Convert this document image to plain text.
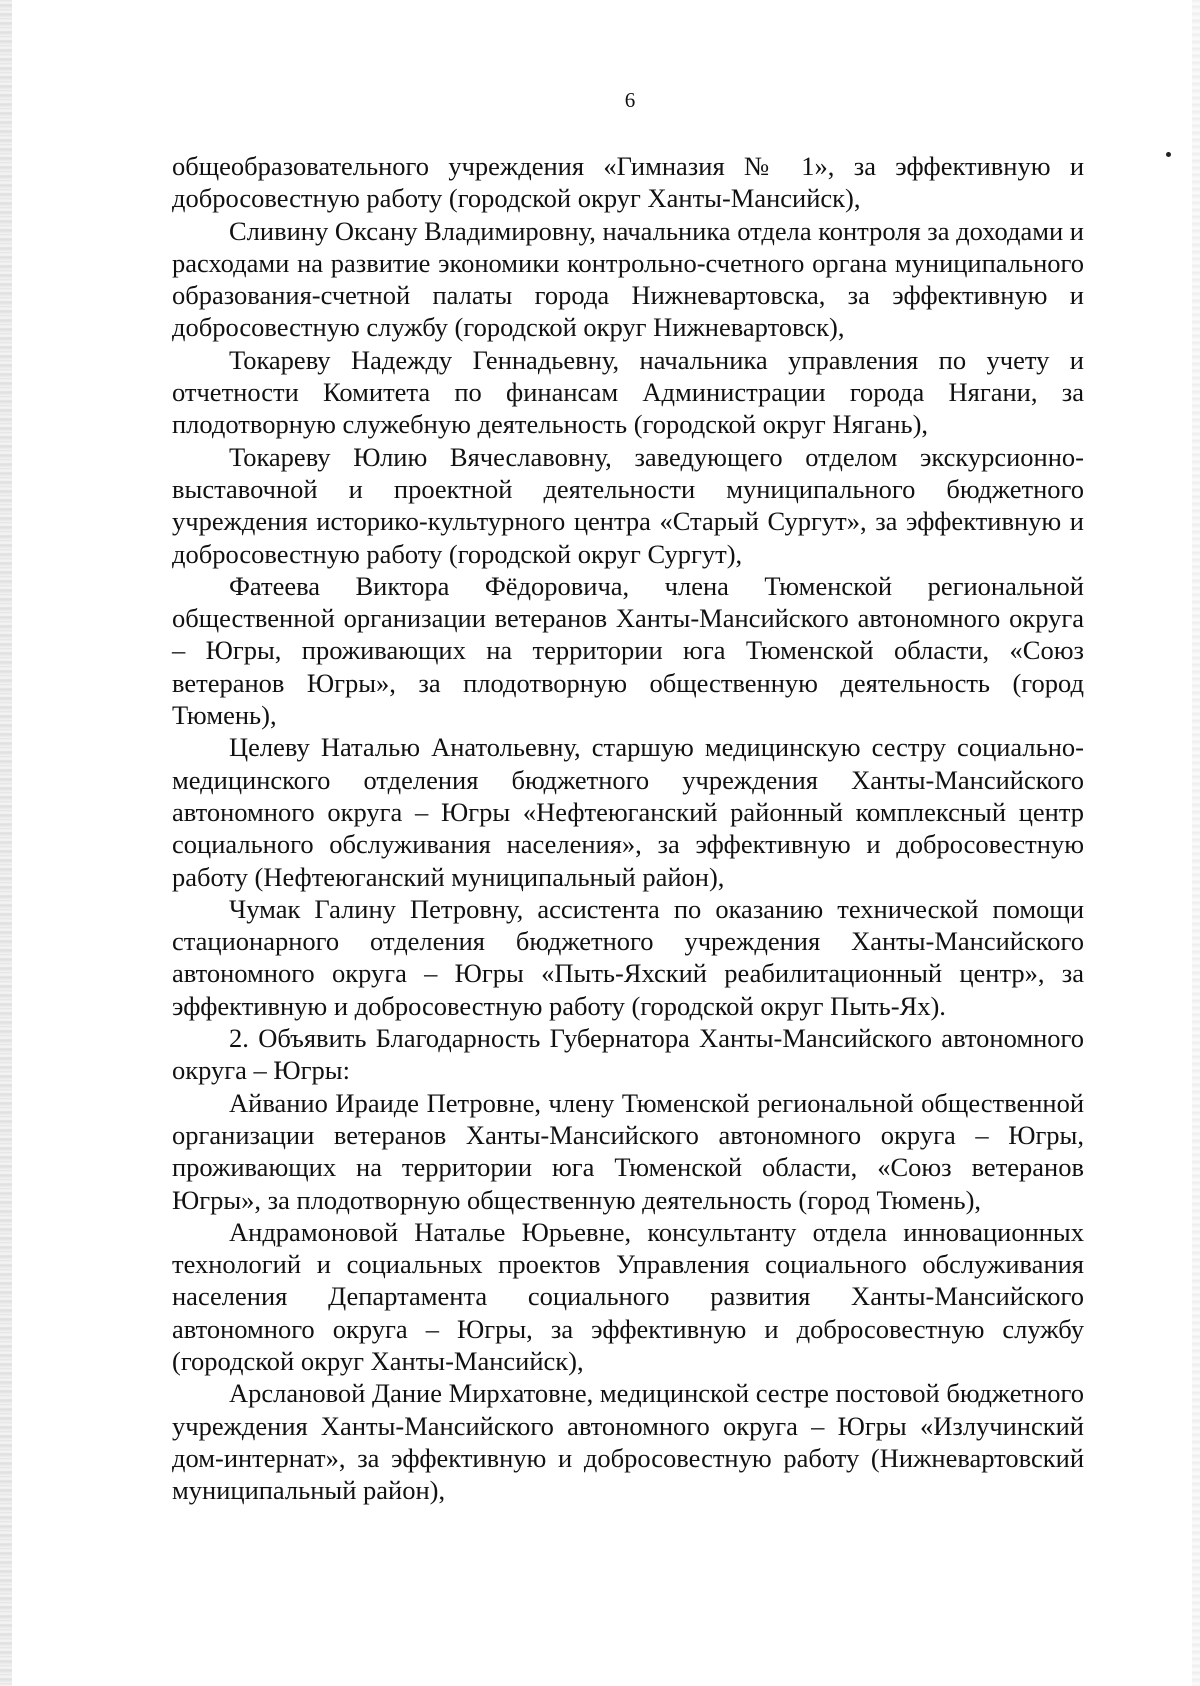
6

общеобразовательного учреждения «Гимназия № 1», за эффективную и добросовестную работу (городской округ Ханты-Мансийск),

Сливину Оксану Владимировну, начальника отдела контроля за доходами и расходами на развитие экономики контрольно-счетного органа муниципального образования-счетной палаты города Нижневартовска, за эффективную и добросовестную службу (городской округ Нижневартовск),

Токареву Надежду Геннадьевну, начальника управления по учету и отчетности Комитета по финансам Администрации города Нягани, за плодотворную служебную деятельность (городской округ Нягань),

Токареву Юлию Вячеславовну, заведующего отделом экскурсионно-выставочной и проектной деятельности муниципального бюджетного учреждения историко-культурного центра «Старый Сургут», за эффективную и добросовестную работу (городской округ Сургут),

Фатеева Виктора Фёдоровича, члена Тюменской региональной общественной организации ветеранов Ханты-Мансийского автономного округа – Югры, проживающих на территории юга Тюменской области, «Союз ветеранов Югры», за плодотворную общественную деятельность (город Тюмень),

Целеву Наталью Анатольевну, старшую медицинскую сестру социально-медицинского отделения бюджетного учреждения Ханты-Мансийского автономного округа – Югры «Нефтеюганский районный комплексный центр социального обслуживания населения», за эффективную и добросовестную работу (Нефтеюганский муниципальный район),

Чумак Галину Петровну, ассистента по оказанию технической помощи стационарного отделения бюджетного учреждения Ханты-Мансийского автономного округа – Югры «Пыть-Яхский реабилитационный центр», за эффективную и добросовестную работу (городской округ Пыть-Ях).

2. Объявить Благодарность Губернатора Ханты-Мансийского автономного округа – Югры:

Айванио Ираиде Петровне, члену Тюменской региональной общественной организации ветеранов Ханты-Мансийского автономного округа – Югры, проживающих на территории юга Тюменской области, «Союз ветеранов Югры», за плодотворную общественную деятельность (город Тюмень),

Андрамоновой Наталье Юрьевне, консультанту отдела инновационных технологий и социальных проектов Управления социального обслуживания населения Департамента социального развития Ханты-Мансийского автономного округа – Югры, за эффективную и добросовестную службу (городской округ Ханты-Мансийск),

Арслановой Дание Мирхатовне, медицинской сестре постовой бюджетного учреждения Ханты-Мансийского автономного округа – Югры «Излучинский дом-интернат», за эффективную и добросовестную работу (Нижневартовский муниципальный район),
